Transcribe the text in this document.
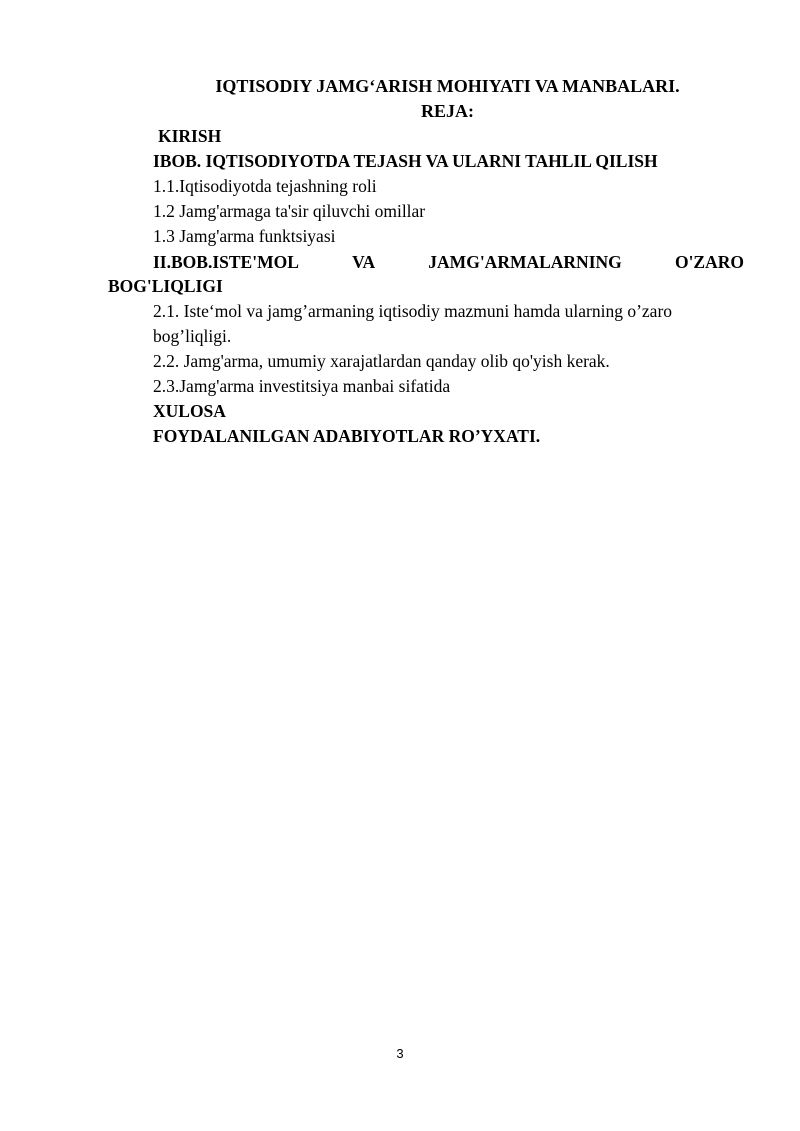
IQTISODIY JAMG‘ARISH MOHIYATI VA MANBALARI.
REJA:
KIRISH
IBOB. IQTISODIYOTDA TEJASH VA ULARNI TAHLIL QILISH
1.1.Iqtisodiyotda tejashning roli
1.2 Jamg'armaga ta'sir qiluvchi omillar
1.3 Jamg'arma funktsiyasi
II.BOB.ISTE'MOL	VA	JAMG'ARMALARNING	O'ZARO
BOG'LIQLIGI
2.1. Iste‘mol va jamg’armaning iqtisodiy mazmuni hamda ularning o’zaro
bog’liqligi.
2.2. Jamg'arma, umumiy xarajatlardan qanday olib qo'yish kerak.
2.3.Jamg'arma investitsiya manbai sifatida
XULOSA
FOYDALANILGAN ADABIYOTLAR RO’YXATI.
3
